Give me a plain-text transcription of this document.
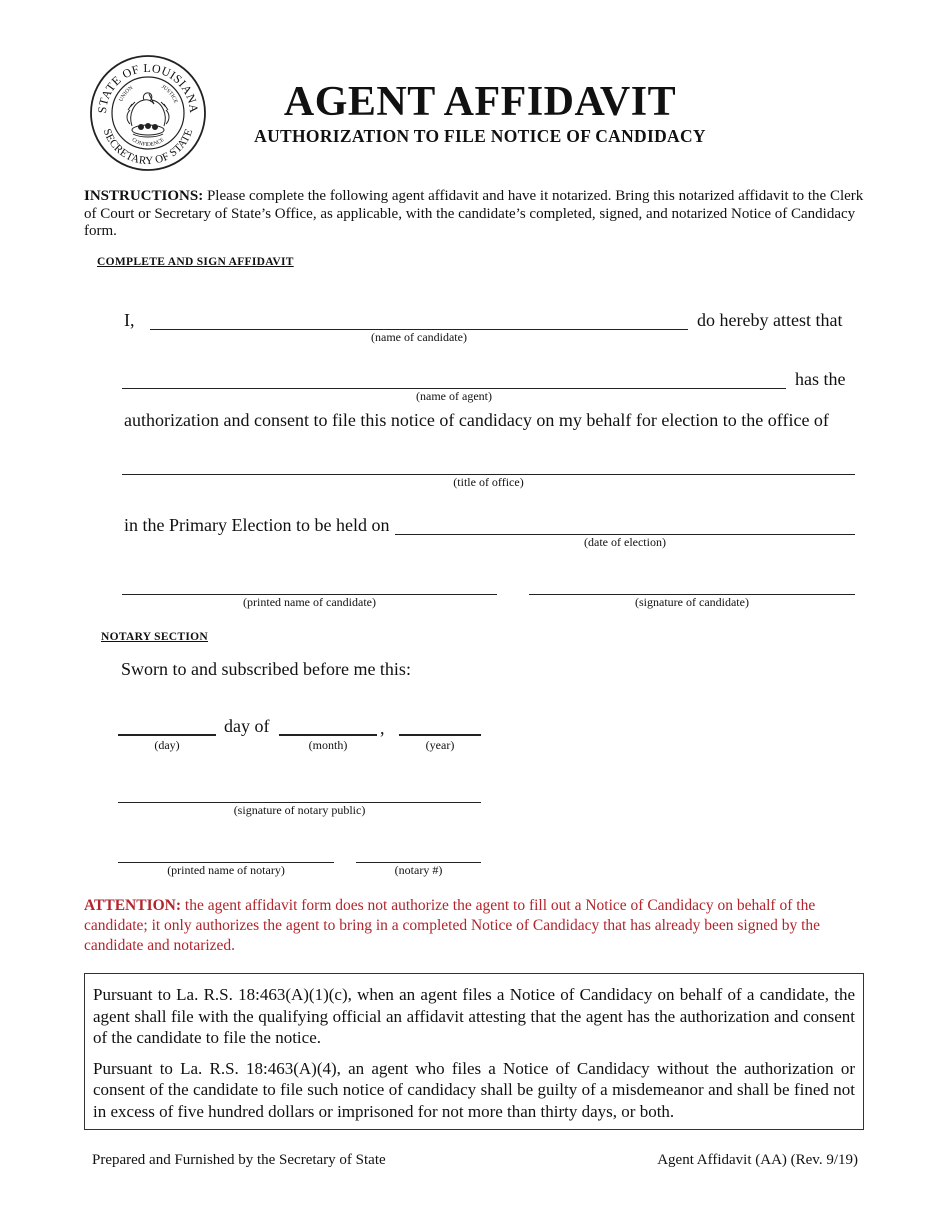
STATE OF LOUISIANA
SECRETARY OF STATE
UNION	JUSTICE
CONFIDENCE
AGENT AFFIDAVIT
AUTHORIZATION TO FILE NOTICE OF CANDIDACY
INSTRUCTIONS: Please complete the following agent affidavit and have it notarized. Bring this notarized affidavit to the Clerk of Court or Secretary of State’s Office, as applicable, with the candidate’s completed, signed, and notarized Notice of Candidacy form.
COMPLETE AND SIGN AFFIDAVIT
I,	do hereby attest that
(name of candidate)
has the
(name of agent)
authorization and consent to file this notice of candidacy on my behalf for election to the office of
(title of office)
in the Primary Election to be held on
(date of election)
(printed name of candidate)	(signature of candidate)
NOTARY SECTION
Sworn to and subscribed before me this:
day of	,
(day)	(month)	(year)
(signature of notary public)
(printed name of notary)	(notary #)
ATTENTION: the agent affidavit form does not authorize the agent to fill out a Notice of Candidacy on behalf of the candidate; it only authorizes the agent to bring in a completed Notice of Candidacy that has already been signed by the candidate and notarized.

Pursuant to La. R.S. 18:463(A)(1)(c), when an agent files a Notice of Candidacy on behalf of a candidate, the agent shall file with the qualifying official an affidavit attesting that the agent has the authorization and consent of the candidate to file the notice.

Pursuant to La. R.S. 18:463(A)(4), an agent who files a Notice of Candidacy without the authorization or consent of the candidate to file such notice of candidacy shall be guilty of a misdemeanor and shall be fined not in excess of five hundred dollars or imprisoned for not more than thirty days, or both.

Prepared and Furnished by the Secretary of State	Agent Affidavit (AA) (Rev. 9/19)
